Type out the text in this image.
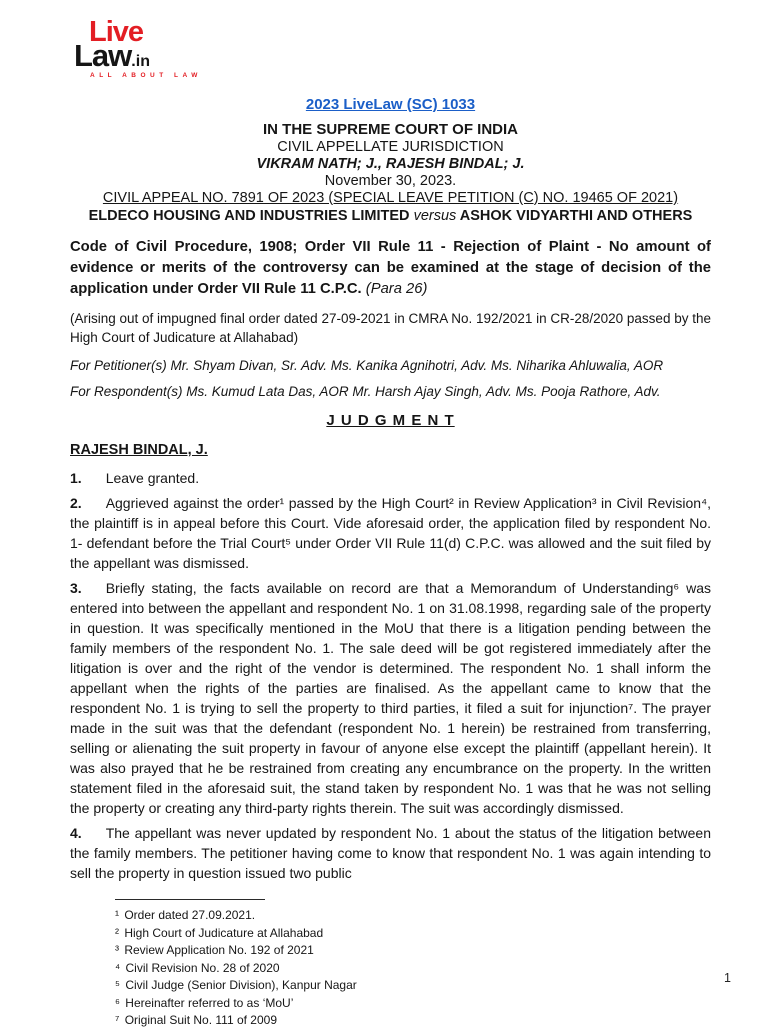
Live
Law.in
ALL ABOUT LAW
2023 LiveLaw (SC) 1033
IN THE SUPREME COURT OF INDIA
CIVIL APPELLATE JURISDICTION
VIKRAM NATH; J., RAJESH BINDAL; J.
November 30, 2023.
CIVIL APPEAL NO. 7891 OF 2023 (SPECIAL LEAVE PETITION (C) NO. 19465 OF 2021)
ELDECO HOUSING AND INDUSTRIES LIMITED versus ASHOK VIDYARTHI AND OTHERS

Code of Civil Procedure, 1908; Order VII Rule 11 - Rejection of Plaint - No amount of evidence or merits of the controversy can be examined at the stage of decision of the application under Order VII Rule 11 C.P.C. (Para 26)

(Arising out of impugned final order dated 27-09-2021 in CMRA No. 192/2021 in CR-28/2020 passed by the High Court of Judicature at Allahabad)

For Petitioner(s) Mr. Shyam Divan, Sr. Adv. Ms. Kanika Agnihotri, Adv. Ms. Niharika Ahluwalia, AOR

For Respondent(s) Ms. Kumud Lata Das, AOR Mr. Harsh Ajay Singh, Adv. Ms. Pooja Rathore, Adv.

J U D G M E N T
RAJESH BINDAL, J.

1. Leave granted.

2. Aggrieved against the order¹ passed by the High Court² in Review Application³ in Civil Revision⁴, the plaintiff is in appeal before this Court. Vide aforesaid order, the application filed by respondent No. 1- defendant before the Trial Court⁵ under Order VII Rule 11(d) C.P.C. was allowed and the suit filed by the appellant was dismissed.

3. Briefly stating, the facts available on record are that a Memorandum of Understanding⁶ was entered into between the appellant and respondent No. 1 on 31.08.1998, regarding sale of the property in question. It was specifically mentioned in the MoU that there is a litigation pending between the family members of the respondent No. 1. The sale deed will be got registered immediately after the litigation is over and the right of the vendor is determined. The respondent No. 1 shall inform the appellant when the rights of the parties are finalised. As the appellant came to know that the respondent No. 1 is trying to sell the property to third parties, it filed a suit for injunction⁷. The prayer made in the suit was that the defendant (respondent No. 1 herein) be restrained from transferring, selling or alienating the suit property in favour of anyone else except the plaintiff (appellant herein). It was also prayed that he be restrained from creating any encumbrance on the property. In the written statement filed in the aforesaid suit, the stand taken by respondent No. 1 was that he was not selling the property or creating any third-party rights therein. The suit was accordingly dismissed.

4. The appellant was never updated by respondent No. 1 about the status of the litigation between the family members. The petitioner having come to know that respondent No. 1 was again intending to sell the property in question issued two public

¹ Order dated 27.09.2021.
² High Court of Judicature at Allahabad
³ Review Application No. 192 of 2021
⁴ Civil Revision No. 28 of 2020
⁵ Civil Judge (Senior Division), Kanpur Nagar
⁶ Hereinafter referred to as ‘MoU’
⁷ Original Suit No. 111 of 2009
1
